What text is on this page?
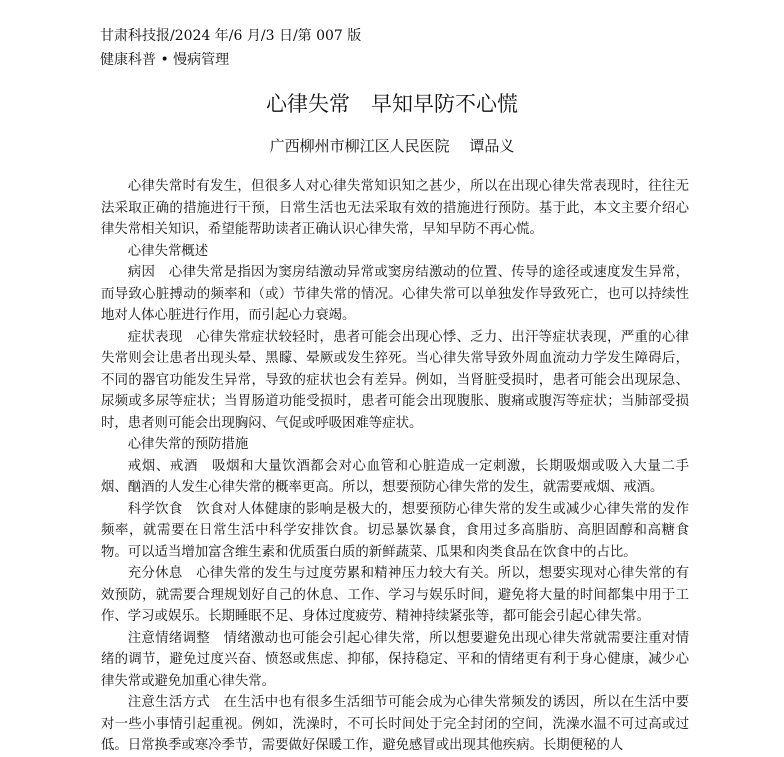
甘肃科技报/2024 年/6 月/3 日/第 007 版
健康科普 • 慢病管理
心律失常　早知早防不心慌
广西柳州市柳江区人民医院　 谭品义

心律失常时有发生，但很多人对心律失常知识知之甚少，所以在出现心律失常表现时，往往无法采取正确的措施进行干预，日常生活也无法采取有效的措施进行预防。基于此，本文主要介绍心律失常相关知识，希望能帮助读者正确认识心律失常，早知早防不再心慌。

心律失常概述

病因　心律失常是指因为窦房结激动异常或窦房结激动的位置、传导的途径或速度发生异常，而导致心脏搏动的频率和（或）节律失常的情况。心律失常可以单独发作导致死亡，也可以持续性地对人体心脏进行作用，而引起心力衰竭。

症状表现　心律失常症状较轻时，患者可能会出现心悸、乏力、出汗等症状表现，严重的心律失常则会让患者出现头晕、黑矇、晕厥或发生猝死。当心律失常导致外周血流动力学发生障碍后，不同的器官功能发生异常，导致的症状也会有差异。例如，当肾脏受损时，患者可能会出现尿急、尿频或多尿等症状；当胃肠道功能受损时，患者可能会出现腹胀、腹痛或腹泻等症状；当肺部受损时，患者则可能会出现胸闷、气促或呼吸困难等症状。

心律失常的预防措施

戒烟、戒酒　吸烟和大量饮酒都会对心血管和心脏造成一定刺激，长期吸烟或吸入大量二手烟、酗酒的人发生心律失常的概率更高。所以，想要预防心律失常的发生，就需要戒烟、戒酒。

科学饮食　饮食对人体健康的影响是极大的，想要预防心律失常的发生或减少心律失常的发作频率，就需要在日常生活中科学安排饮食。切忌暴饮暴食，食用过多高脂肪、高胆固醇和高糖食物。可以适当增加富含维生素和优质蛋白质的新鲜蔬菜、瓜果和肉类食品在饮食中的占比。

充分休息　心律失常的发生与过度劳累和精神压力较大有关。所以，想要实现对心律失常的有效预防，就需要合理规划好自己的休息、工作、学习与娱乐时间，避免将大量的时间都集中用于工作、学习或娱乐。长期睡眠不足、身体过度疲劳、精神持续紧张等，都可能会引起心律失常。

注意情绪调整　情绪激动也可能会引起心律失常，所以想要避免出现心律失常就需要注重对情绪的调节，避免过度兴奋、愤怒或焦虑、抑郁，保持稳定、平和的情绪更有利于身心健康，减少心律失常或避免加重心律失常。

注意生活方式　在生活中也有很多生活细节可能会成为心律失常频发的诱因，所以在生活中要对一些小事情引起重视。例如，洗澡时，不可长时间处于完全封闭的空间，洗澡水温不可过高或过低。日常换季或寒冷季节，需要做好保暖工作，避免感冒或出现其他疾病。长期便秘的人
